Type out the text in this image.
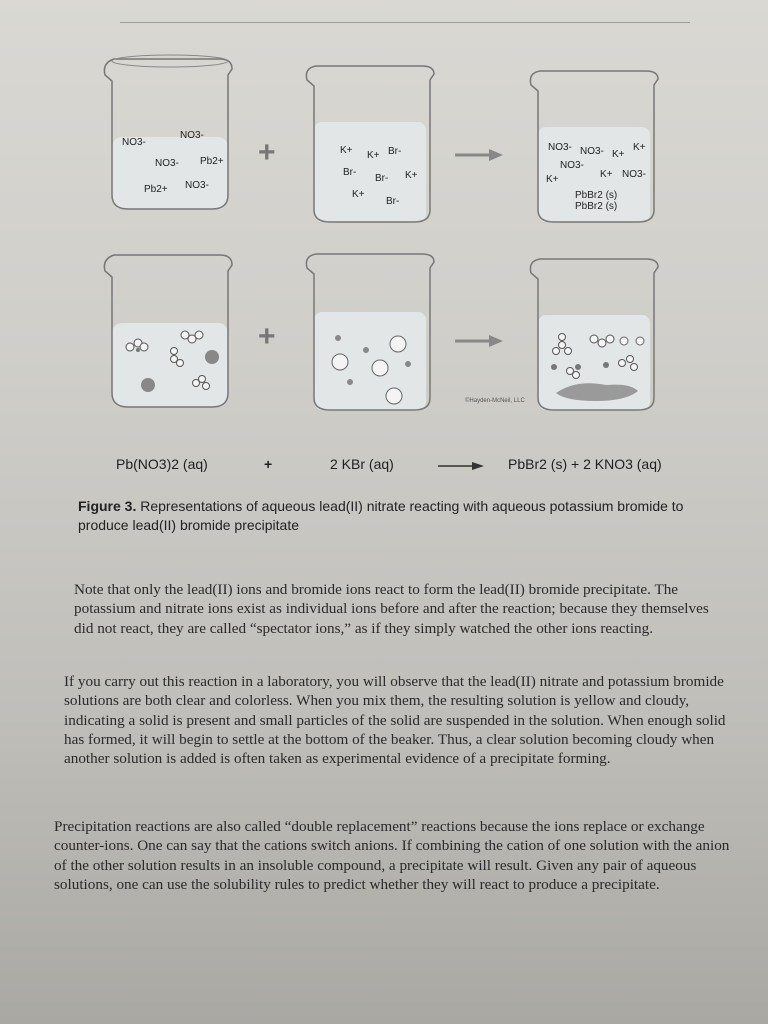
NO3-
NO3-
NO3- Pb2+
NO3-
Pb2+
K+ K+ Br-
Br-
Br- K+
K+
Br-
NO3- NO3- K+
K+
NO3-
K+	K+ NO3-
PbBr2 (s)
PbBr2 (s)
+
+
©Hayden-McNeil, LLC
Pb(NO3)2 (aq)	+	2 KBr (aq)	PbBr2 (s) + 2 KNO3 (aq)
Figure 3. Representations of aqueous lead(II) nitrate reacting with aqueous potassium bromide to produce lead(II) bromide precipitate

Note that only the lead(II) ions and bromide ions react to form the lead(II) bromide precipitate. The potassium and nitrate ions exist as individual ions before and after the reaction; because they themselves did not react, they are called “spectator ions,” as if they simply watched the other ions reacting.

If you carry out this reaction in a laboratory, you will observe that the lead(II) nitrate and potassium bromide solutions are both clear and colorless. When you mix them, the resulting solution is yellow and cloudy, indicating a solid is present and small particles of the solid are suspended in the solution. When enough solid has formed, it will begin to settle at the bottom of the beaker. Thus, a clear solution becoming cloudy when another solution is added is often taken as experimental evidence of a precipitate forming.

Precipitation reactions are also called “double replacement” reactions because the ions replace or exchange counter-ions. One can say that the cations switch anions. If combining the cation of one solution with the anion of the other solution results in an insoluble compound, a precipitate will result. Given any pair of aqueous solutions, one can use the solubility rules to predict whether they will react to produce a precipitate.
